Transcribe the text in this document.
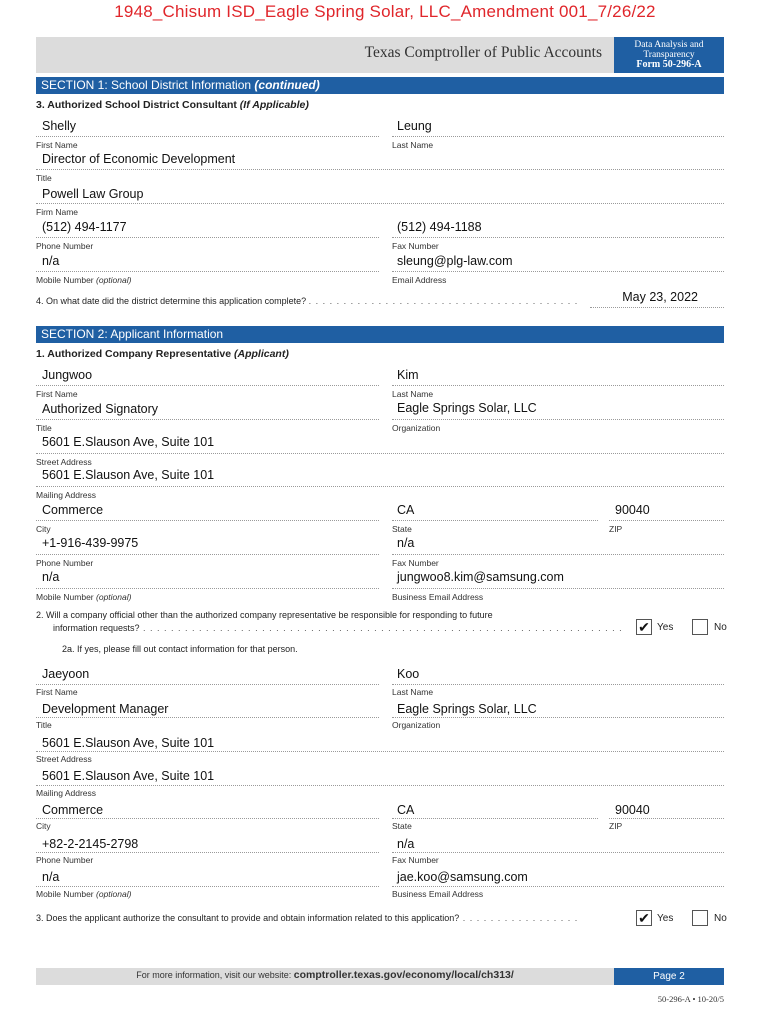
1948_Chisum ISD_Eagle Spring Solar, LLC_Amendment 001_7/26/22
Texas Comptroller of Public Accounts	Data Analysis and
Transparency
Form 50-296-A
SECTION 1: School District Information (continued)
3. Authorized School District Consultant (If Applicable)
Shelly
First Name
Leung
Last Name
Director of Economic Development
Title
Powell Law Group
Firm Name
(512) 494-1177
Phone Number
(512) 494-1188
Fax Number
n/a
Mobile Number (optional)
sleung@plg-law.com
Email Address
4. On what date did the district determine this application complete? . . . . . . . . . . . . . . . . . . . . . . . . . . . . . . . . . . . . . . .	May 23, 2022
SECTION 2: Applicant Information
1. Authorized Company Representative (Applicant)
Jungwoo
First Name
Kim
Last Name
Authorized Signatory
Title
Eagle Springs Solar, LLC
Organization
5601 E.Slauson Ave, Suite 101
Street Address
5601 E.Slauson Ave, Suite 101
Mailing Address
Commerce
City
CA
State
90040
ZIP
+1-916-439-9975
Phone Number
n/a
Fax Number
n/a
Mobile Number (optional)
jungwoo8.kim@samsung.com
Business Email Address
2. Will a company official other than the authorized company representative be responsible for responding to future
information requests? . . . . . . . . . . . . . . . . . . . . . . . . . . . . . . . . . . . . . . . . . . . . . . . . . . . . . . . . . . . . . . . . . . . . . ✔ Yes	No
2a. If yes, please fill out contact information for that person.
Jaeyoon
First Name
Koo
Last Name
Development Manager
Title
Eagle Springs Solar, LLC
Organization
5601 E.Slauson Ave, Suite 101
Street Address
5601 E.Slauson Ave, Suite 101
Mailing Address
Commerce
City
CA
State
90040
ZIP
+82-2-2145-2798
Phone Number
n/a
Fax Number
n/a
Mobile Number (optional)
jae.koo@samsung.com
Business Email Address
3. Does the applicant authorize the consultant to provide and obtain information related to this application? . . . . . . . . . . . . . . . . .	✔ Yes	No
For more information, visit our website: comptroller.texas.gov/economy/local/ch313/	Page 2
50-296-A • 10-20/5
